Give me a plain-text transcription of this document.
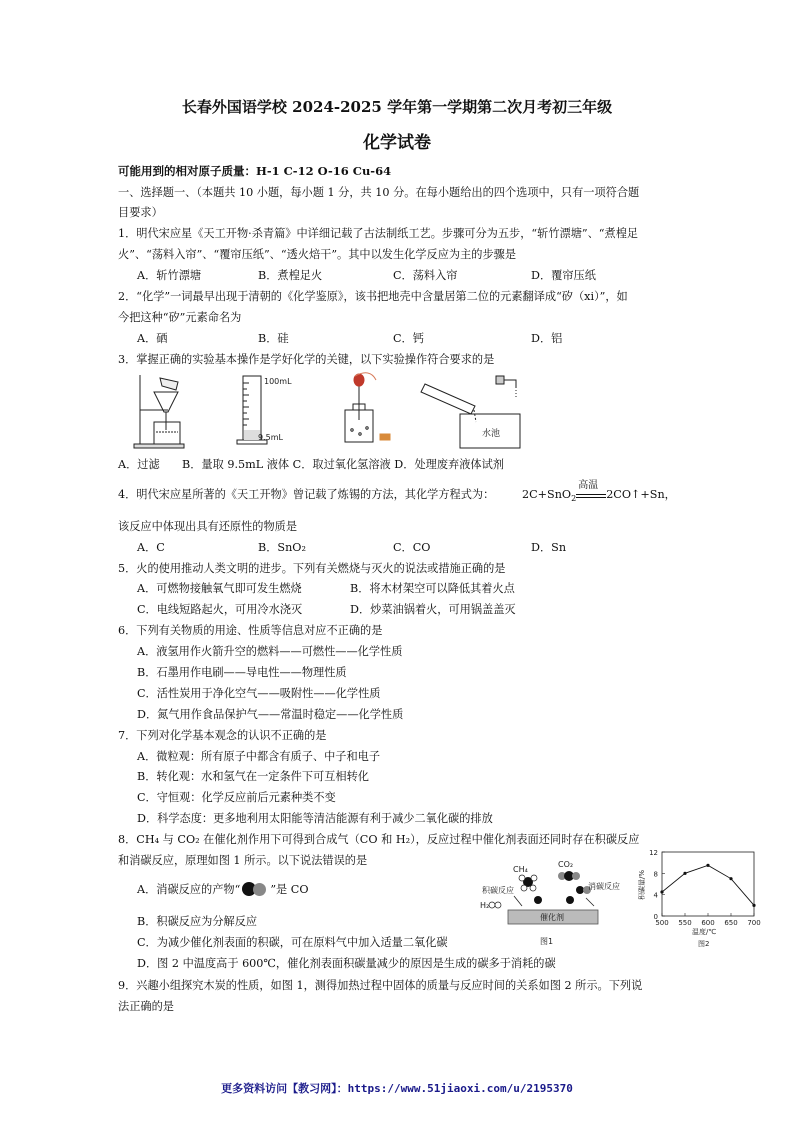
长春外国语学校 2024-2025 学年第一学期第二次月考初三年级
化学试卷
可能用到的相对原子质量：H-1 C-12 O-16 Cu-64
一、选择题一、（本题共 10 小题，每小题 1 分，共 10 分。在每小题给出的四个选项中，只有一项符合题
目要求）
1．明代宋应星《天工开物·杀青篇》中详细记载了古法制纸工艺。步骤可分为五步，“斩竹漂塘”、“煮楻足
火”、“荡料入帘”、“覆帘压纸”、“透火焙干”。其中以发生化学反应为主的步骤是
A．斩竹漂塘	B．煮楻足火	C．荡料入帘	D．覆帘压纸
2．“化学”一词最早出现于清朝的《化学鉴原》，该书把地壳中含量居第二位的元素翻译成“矽（xi）”，如
今把这种“矽”元素命名为
A．硒	B．硅	C．钙	D．铝
3．掌握正确的实验基本操作是学好化学的关键，以下实验操作符合要求的是
100mL
9.5mL	水池
A．过滤　　B．量取 9.5mL 液体 C．取过氧化氢溶液 D．处理废弃液体试剂
4．明代宋应星所著的《天工开物》曾记载了炼锡的方法，其化学方程式为： 2C+SnO$_2$
高温
2CO↑+Sn，
该反应中体现出具有还原性的物质是
A．C	B．SnO₂	C．CO	D．Sn
5．火的使用推动人类文明的进步。下列有关燃烧与灭火的说法或措施正确的是
A．可燃物接触氧气即可发生燃烧	B．将木材架空可以降低其着火点
C．电线短路起火，可用冷水浇灭	D．炒菜油锅着火，可用锅盖盖灭
6．下列有关物质的用途、性质等信息对应不正确的是
A．液氢用作火箭升空的燃料——可燃性——化学性质
B．石墨用作电刷——导电性——物理性质
C．活性炭用于净化空气——吸附性——化学性质
D．氮气用作食品保护气——常温时稳定——化学性质
7．下列对化学基本观念的认识不正确的是
A．微粒观：所有原子中都含有质子、中子和电子
B．转化观：水和氢气在一定条件下可互相转化
C．守恒观：化学反应前后元素种类不变
D．科学态度：更多地利用太阳能等清洁能源有利于减少二氧化碳的排放
8．CH₄ 与 CO₂ 在催化剂作用下可得到合成气（CO 和 H₂），反应过程中催化剂表面还同时存在积碳反应
和消碳反应，原理如图 1 所示。以下说法错误的是
A．消碳反应的产物“	”是 CO
B．积碳反应为分解反应
C．为减少催化剂表面的积碳，可在原料气中加入适量二氧化碳
D．图 2 中温度高于 600℃，催化剂表面积碳量减少的原因是生成的碳多于消耗的碳
CH₄
CO₂
积碳反应
H₂
消碳反应
催化剂
图1
0
4
8
12
500 550 600 650 700
积碳量/%
温度/℃
图2
9．兴趣小组探究木炭的性质，如图 1，测得加热过程中固体的质量与反应时间的关系如图 2 所示。下列说
法正确的是
更多资料访问【教习网】：https://www.51jiaoxi.com/u/2195370
